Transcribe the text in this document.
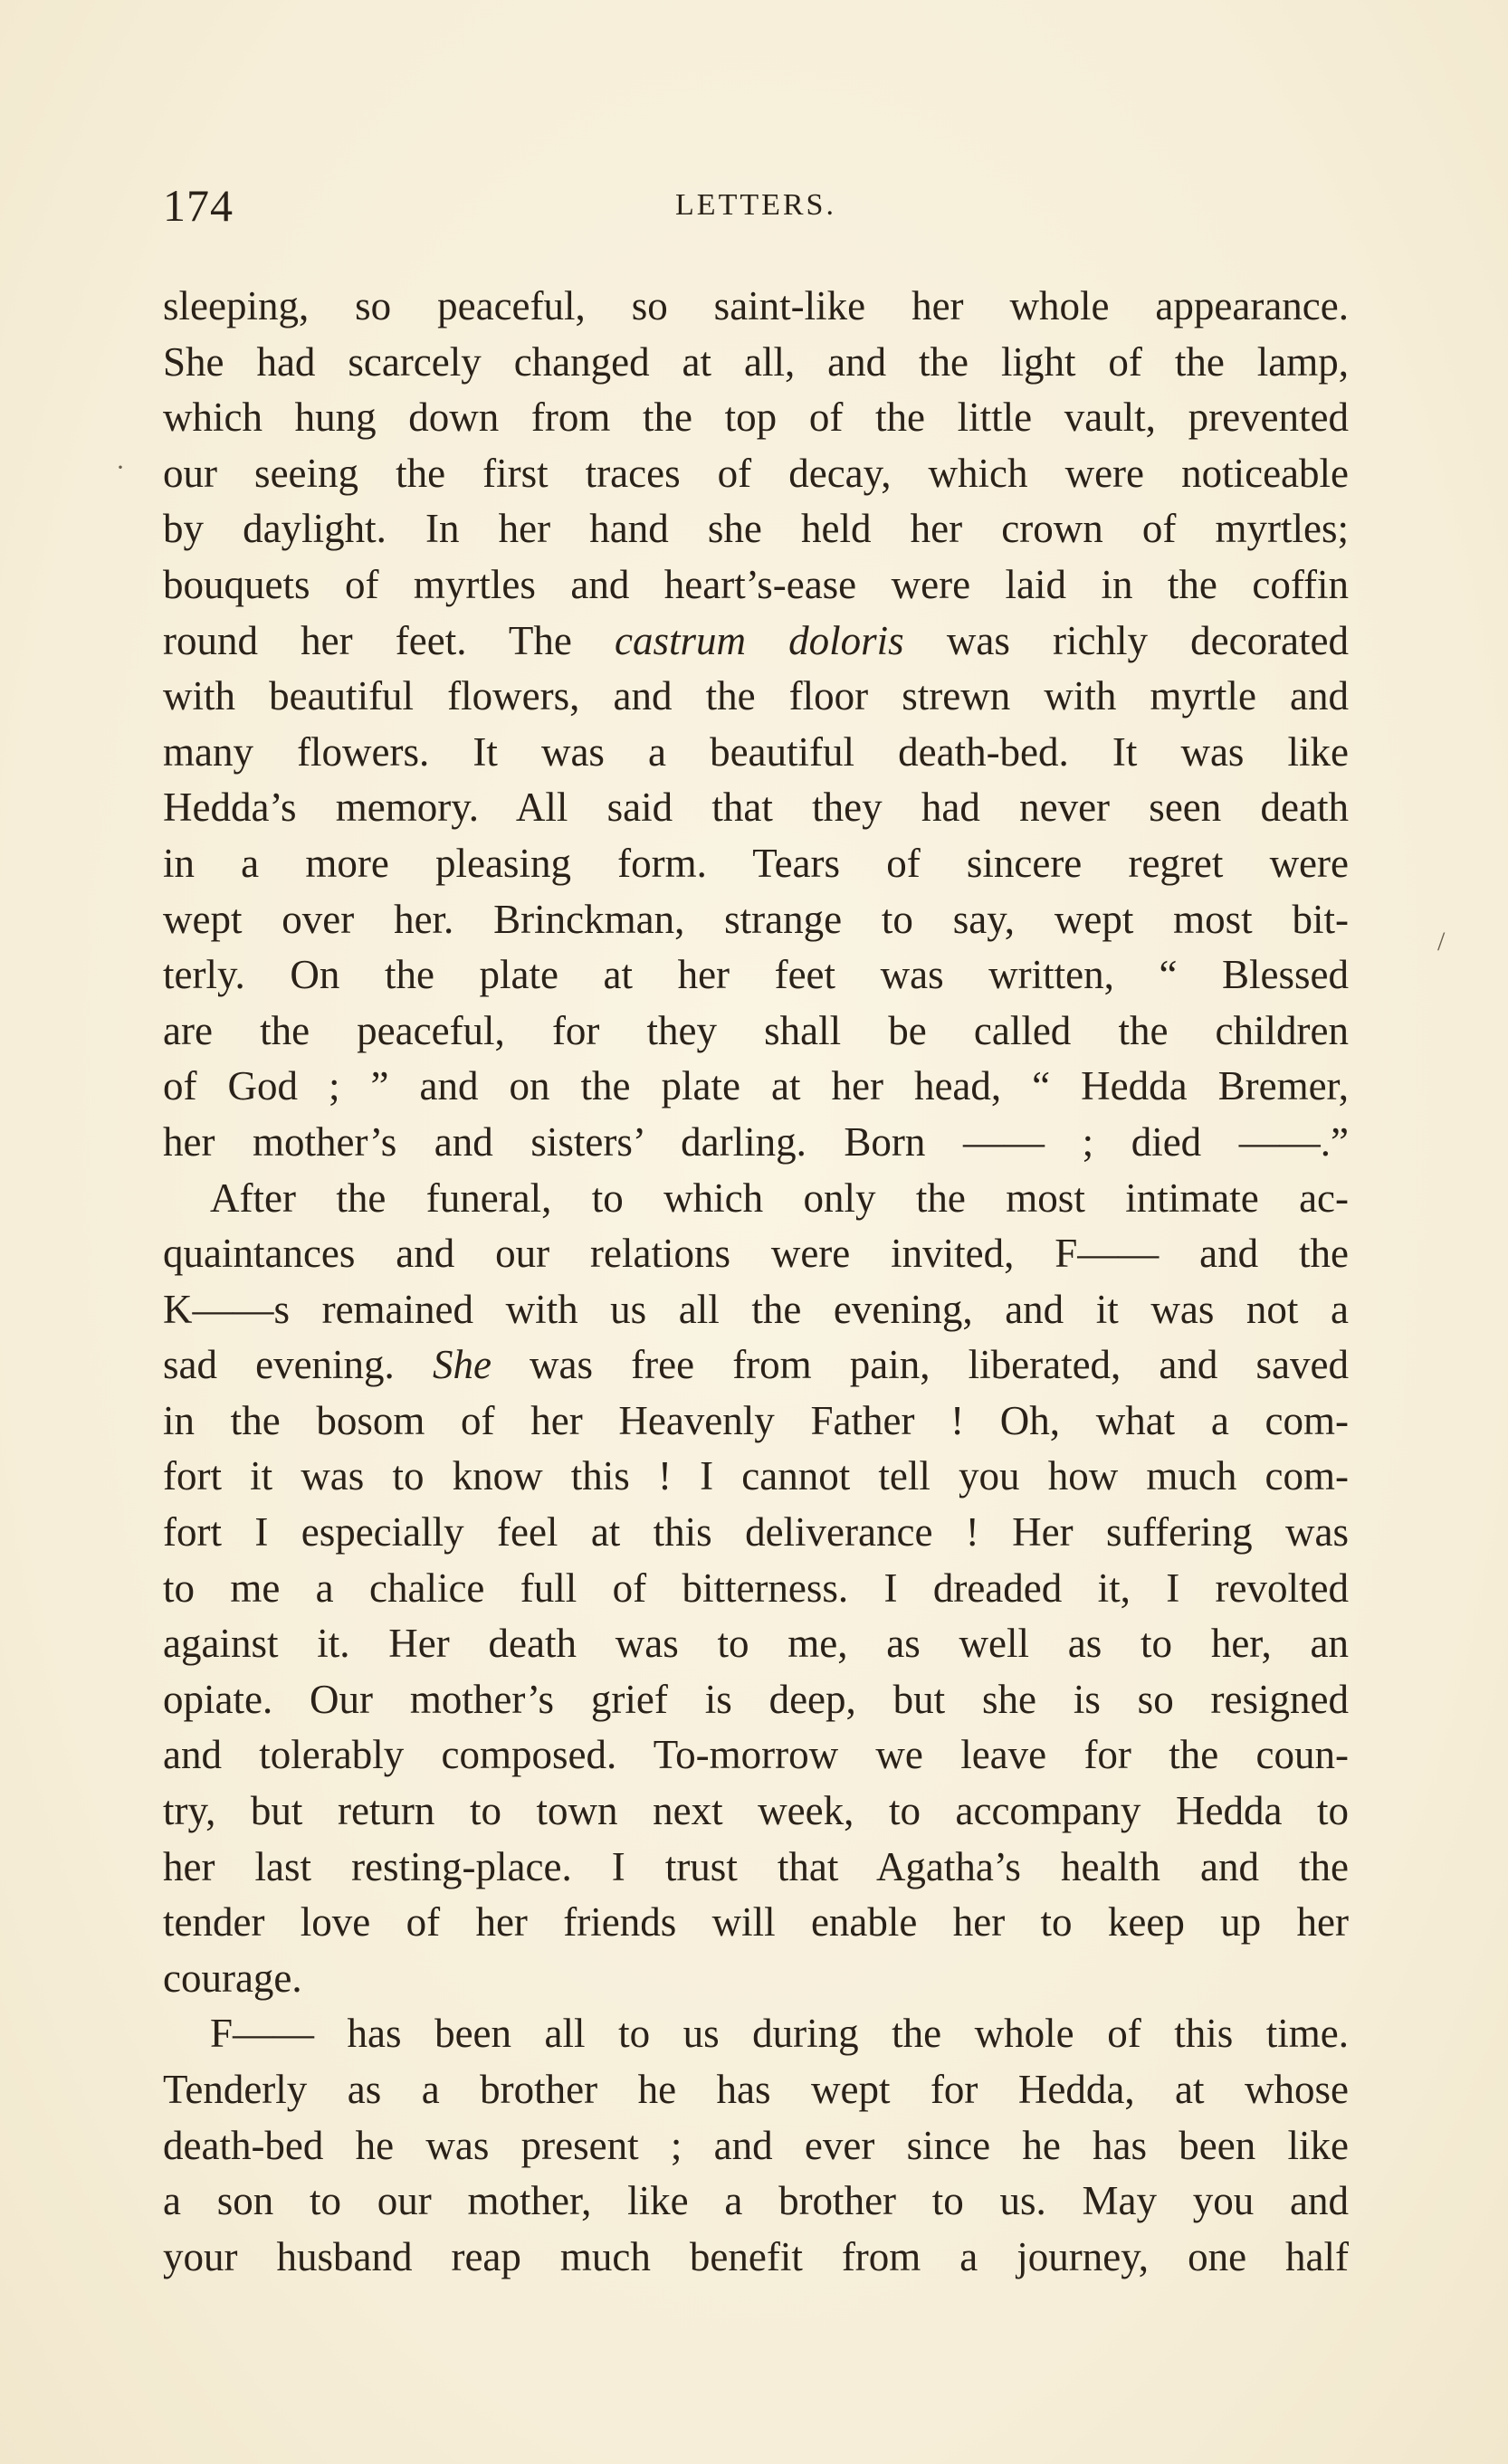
174	LETTERS.
sleeping, so peaceful, so saint-like her whole appearance.
She had scarcely changed at all, and the light of the lamp,
which hung down from the top of the little vault, prevented
our seeing the first traces of decay, which were noticeable
by daylight. In her hand she held her crown of myrtles;
bouquets of myrtles and heart’s-ease were laid in the coffin
round her feet. The castrum doloris was richly decorated
with beautiful flowers, and the floor strewn with myrtle and
many flowers. It was a beautiful death-bed. It was like
Hedda’s memory. All said that they had never seen death
in a more pleasing form. Tears of sincere regret were
wept over her. Brinckman, strange to say, wept most bit-
terly. On the plate at her feet was written, “ Blessed
are the peaceful, for they shall be called the children
of God ; ” and on the plate at her head, “ Hedda Bremer,
her mother’s and sisters’ darling. Born —— ; died ——.”
After the funeral, to which only the most intimate ac-
quaintances and our relations were invited, F—— and the
K——s remained with us all the evening, and it was not a
sad evening. She was free from pain, liberated, and saved
in the bosom of her Heavenly Father ! Oh, what a com-
fort it was to know this ! I cannot tell you how much com-
fort I especially feel at this deliverance ! Her suffering was
to me a chalice full of bitterness. I dreaded it, I revolted
against it. Her death was to me, as well as to her, an
opiate. Our mother’s grief is deep, but she is so resigned
and tolerably composed. To-morrow we leave for the coun-
try, but return to town next week, to accompany Hedda to
her last resting-place. I trust that Agatha’s health and the
tender love of her friends will enable her to keep up her
courage.
F—— has been all to us during the whole of this time.
Tenderly as a brother he has wept for Hedda, at whose
death-bed he was present ; and ever since he has been like
a son to our mother, like a brother to us. May you and
your husband reap much benefit from a journey, one half
·
/
